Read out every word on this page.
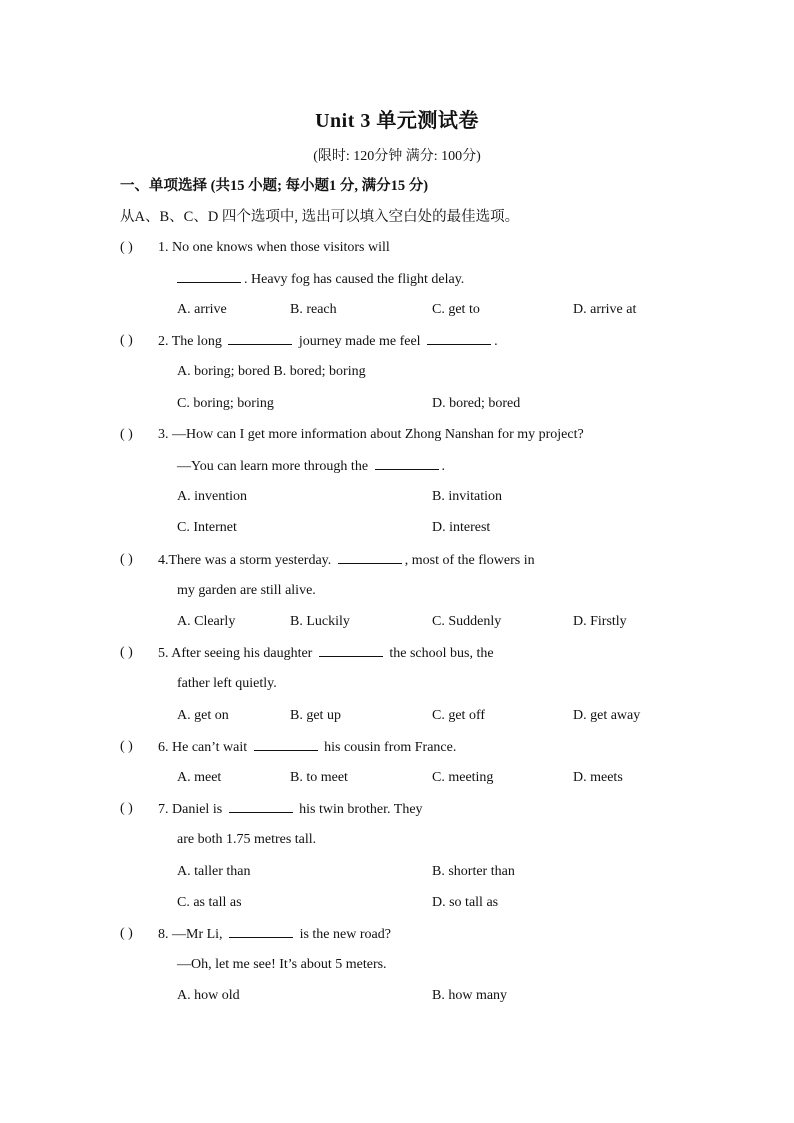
Unit 3 单元测试卷
(限时: 120分钟 满分: 100分)
一、单项选择 (共15 小题; 每小题1 分, 满分15 分)
从A、B、C、D 四个选项中, 选出可以填入空白处的最佳选项。
( ) 1. No one knows when those visitors will
. Heavy fog has caused the flight delay.
A. arrive	B. reach	C. get to	D. arrive at
( ) 2. The long	journey made me feel	.
A. boring; bored B. bored; boring
C. boring; boring	D. bored; bored
( ) 3. —How can I get more information about Zhong Nanshan for my project?
—You can learn more through the	.
A. invention	B. invitation
C. Internet	D. interest
( ) 4.There was a storm yesterday.	, most of the flowers in
my garden are still alive.
A. Clearly	B. Luckily	C. Suddenly	D. Firstly
( ) 5. After seeing his daughter	the school bus, the
father left quietly.
A. get on	B. get up	C. get off	D. get away
( ) 6. He can’t wait	his cousin from France.
A. meet	B. to meet	C. meeting	D. meets
( ) 7. Daniel is	his twin brother. They
are both 1.75 metres tall.
A. taller than	B. shorter than
C. as tall as	D. so tall as
( ) 8. —Mr Li,	is the new road?
—Oh, let me see! It’s about 5 meters.
A. how old	B. how many
